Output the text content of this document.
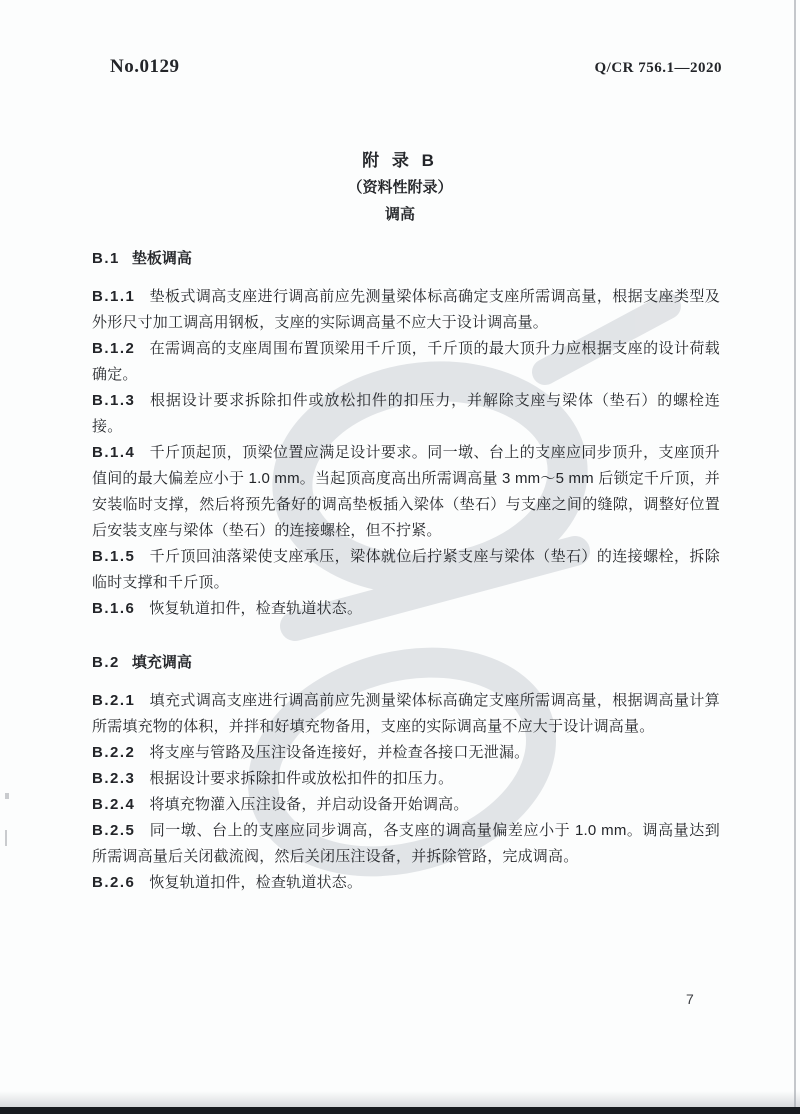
No.0129	Q/CR 756.1—2020
附 录 B
（资料性附录）
调高
B.1 垫板调高

B.1.1 垫板式调高支座进行调高前应先测量梁体标高确定支座所需调高量，根据支座类型及外形尺寸加工调高用钢板，支座的实际调高量不应大于设计调高量。

B.1.2 在需调高的支座周围布置顶梁用千斤顶，千斤顶的最大顶升力应根据支座的设计荷载确定。

B.1.3 根据设计要求拆除扣件或放松扣件的扣压力，并解除支座与梁体（垫石）的螺栓连接。

B.1.4 千斤顶起顶，顶梁位置应满足设计要求。同一墩、台上的支座应同步顶升，支座顶升值间的最大偏差应小于 1.0 mm。当起顶高度高出所需调高量 3 mm～5 mm 后锁定千斤顶，并安装临时支撑，然后将预先备好的调高垫板插入梁体（垫石）与支座之间的缝隙，调整好位置后安装支座与梁体（垫石）的连接螺栓，但不拧紧。

B.1.5 千斤顶回油落梁使支座承压，梁体就位后拧紧支座与梁体（垫石）的连接螺栓，拆除临时支撑和千斤顶。

B.1.6 恢复轨道扣件，检查轨道状态。

B.2 填充调高

B.2.1 填充式调高支座进行调高前应先测量梁体标高确定支座所需调高量，根据调高量计算所需填充物的体积，并拌和好填充物备用，支座的实际调高量不应大于设计调高量。

B.2.2 将支座与管路及压注设备连接好，并检查各接口无泄漏。

B.2.3 根据设计要求拆除扣件或放松扣件的扣压力。

B.2.4 将填充物灌入压注设备，并启动设备开始调高。

B.2.5 同一墩、台上的支座应同步调高，各支座的调高量偏差应小于 1.0 mm。调高量达到所需调高量后关闭截流阀，然后关闭压注设备，并拆除管路，完成调高。

B.2.6 恢复轨道扣件，检查轨道状态。

7
